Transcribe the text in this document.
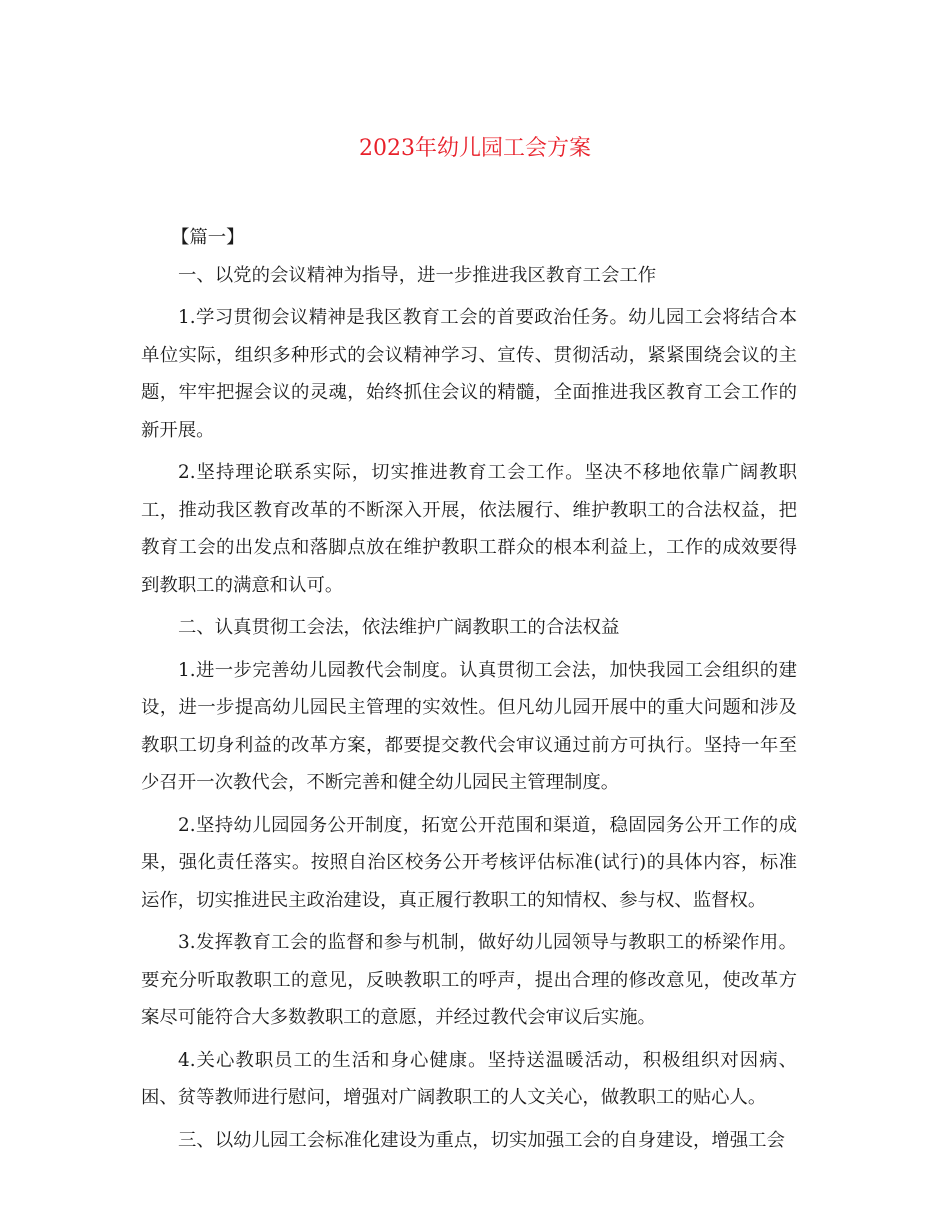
2023年幼儿园工会方案

【篇一】

一、以党的会议精神为指导，进一步推进我区教育工会工作

1.学习贯彻会议精神是我区教育工会的首要政治任务。幼儿园工会将结合本单位实际，组织多种形式的会议精神学习、宣传、贯彻活动，紧紧围绕会议的主题，牢牢把握会议的灵魂，始终抓住会议的精髓，全面推进我区教育工会工作的新开展。

2.坚持理论联系实际，切实推进教育工会工作。坚决不移地依靠广阔教职工，推动我区教育改革的不断深入开展，依法履行、维护教职工的合法权益，把教育工会的出发点和落脚点放在维护教职工群众的根本利益上，工作的成效要得到教职工的满意和认可。

二、认真贯彻工会法，依法维护广阔教职工的合法权益

1.进一步完善幼儿园教代会制度。认真贯彻工会法，加快我园工会组织的建设，进一步提高幼儿园民主管理的实效性。但凡幼儿园开展中的重大问题和涉及教职工切身利益的改革方案，都要提交教代会审议通过前方可执行。坚持一年至少召开一次教代会，不断完善和健全幼儿园民主管理制度。

2.坚持幼儿园园务公开制度，拓宽公开范围和渠道，稳固园务公开工作的成果，强化责任落实。按照自治区校务公开考核评估标准(试行)的具体内容，标准运作，切实推进民主政治建设，真正履行教职工的知情权、参与权、监督权。

3.发挥教育工会的监督和参与机制，做好幼儿园领导与教职工的桥梁作用。要充分听取教职工的意见，反映教职工的呼声，提出合理的修改意见，使改革方案尽可能符合大多数教职工的意愿，并经过教代会审议后实施。

4.关心教职员工的生活和身心健康。坚持送温暖活动，积极组织对因病、困、贫等教师进行慰问，增强对广阔教职工的人文关心，做教职工的贴心人。

三、以幼儿园工会标准化建设为重点，切实加强工会的自身建设，增强工会
